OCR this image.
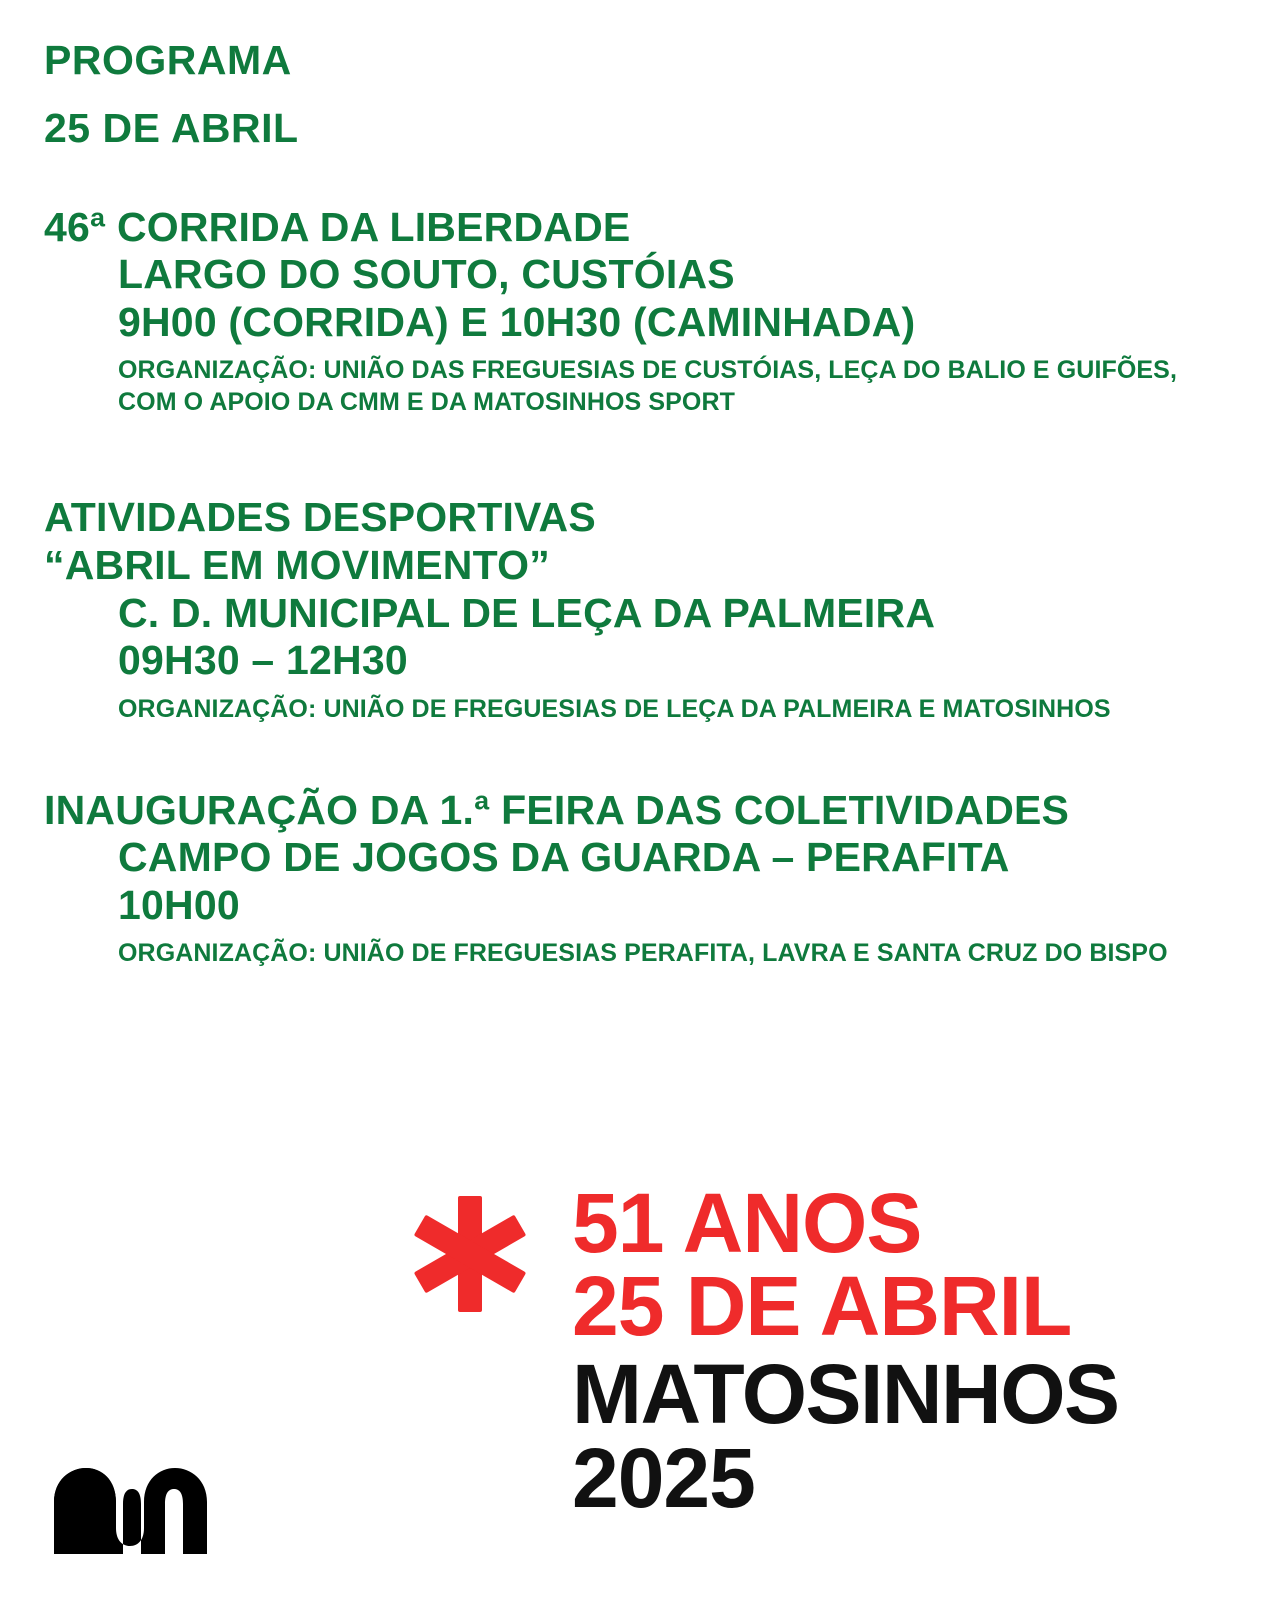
PROGRAMA
25 DE ABRIL
46ª CORRIDA DA LIBERDADE
LARGO DO SOUTO, CUSTÓIAS
9H00 (CORRIDA) E 10H30 (CAMINHADA)
ORGANIZAÇÃO: UNIÃO DAS FREGUESIAS DE CUSTÓIAS, LEÇA DO BALIO E GUIFÕES, COM O APOIO DA CMM E DA MATOSINHOS SPORT
ATIVIDADES DESPORTIVAS
“ABRIL EM MOVIMENTO”
C. D. MUNICIPAL DE LEÇA DA PALMEIRA
09H30 – 12H30
ORGANIZAÇÃO: UNIÃO DE FREGUESIAS DE LEÇA DA PALMEIRA E MATOSINHOS
INAUGURAÇÃO DA 1.ª FEIRA DAS COLETIVIDADES
CAMPO DE JOGOS DA GUARDA – PERAFITA
10H00
ORGANIZAÇÃO: UNIÃO DE FREGUESIAS PERAFITA, LAVRA E SANTA CRUZ DO BISPO
51 ANOS
25 DE ABRIL
MATOSINHOS
2025
